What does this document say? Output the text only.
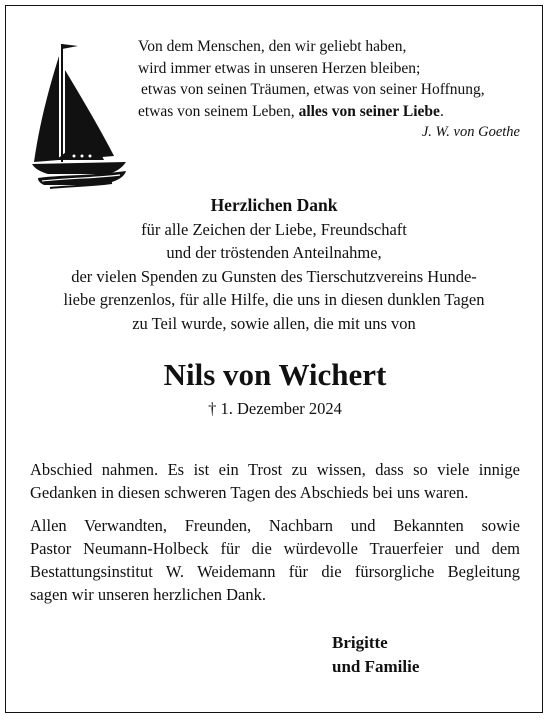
Von dem Menschen, den wir geliebt haben,
wird immer etwas in unseren Herzen bleiben;
etwas von seinen Träumen, etwas von seiner Hoffnung,
etwas von seinem Leben, alles von seiner Liebe.
J. W. von Goethe
Herzlichen Dank
für alle Zeichen der Liebe, Freundschaft
und der tröstenden Anteilnahme,
der vielen Spenden zu Gunsten des Tierschutzvereins Hunde-
liebe grenzenlos, für alle Hilfe, die uns in diesen dunklen Tagen
zu Teil wurde, sowie allen, die mit uns von
Nils von Wichert
† 1. Dezember 2024
Abschied nahmen. Es ist ein Trost zu wissen, dass so viele innige
Gedanken in diesen schweren Tagen des Abschieds bei uns waren.
Allen Verwandten, Freunden, Nachbarn und Bekannten sowie
Pastor Neumann-Holbeck für die würdevolle Trauerfeier und dem
Bestattungsinstitut W. Weidemann für die fürsorgliche Begleitung
sagen wir unseren herzlichen Dank.
Brigitte
und Familie
